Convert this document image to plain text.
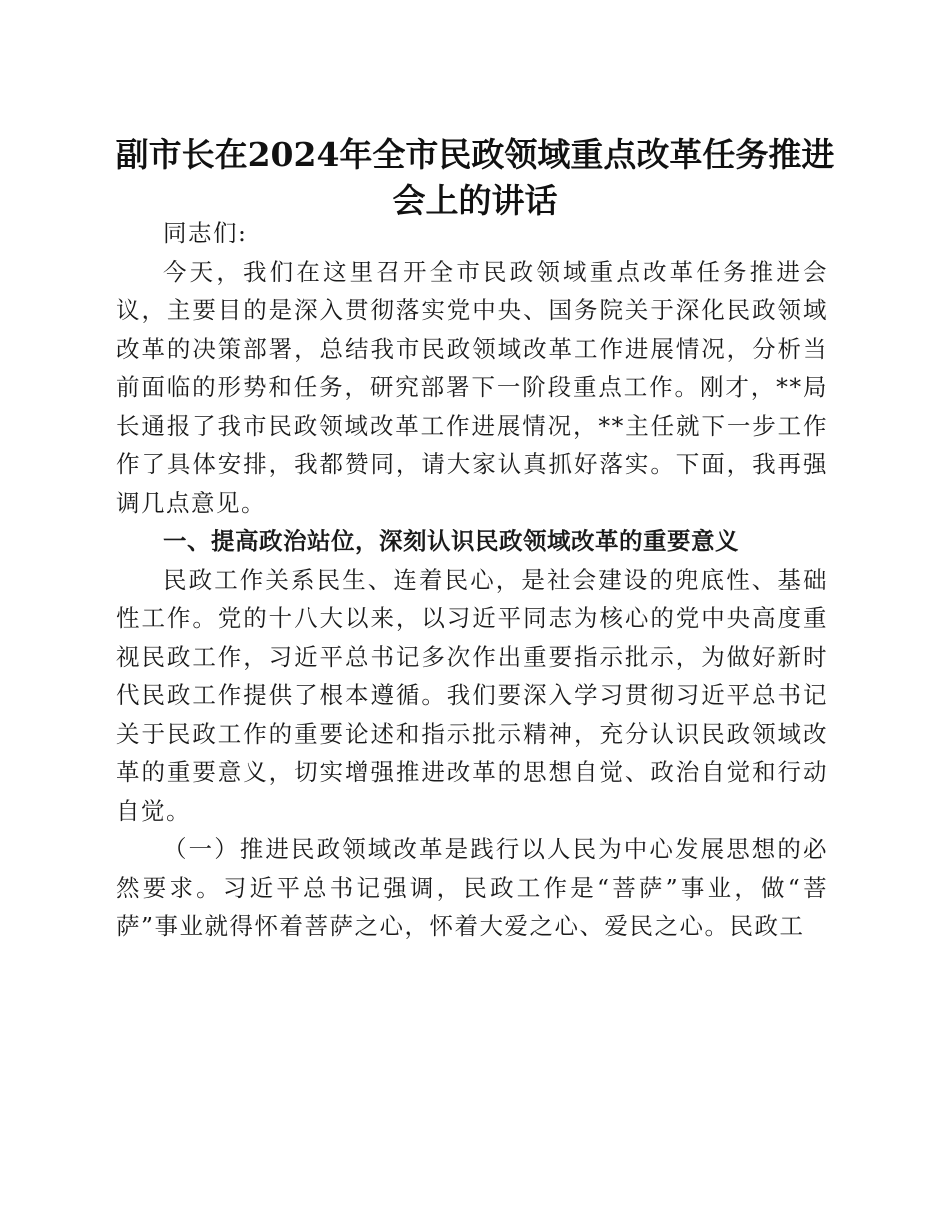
副市长在2024年全市民政领域重点改革任务推进会上的讲话

同志们:

今天，我们在这里召开全市民政领域重点改革任务推进会议，主要目的是深入贯彻落实党中央、国务院关于深化民政领域改革的决策部署，总结我市民政领域改革工作进展情况，分析当前面临的形势和任务，研究部署下一阶段重点工作。刚才，**局长通报了我市民政领域改革工作进展情况，**主任就下一步工作作了具体安排，我都赞同，请大家认真抓好落实。下面，我再强调几点意见。

一、提高政治站位，深刻认识民政领域改革的重要意义

民政工作关系民生、连着民心，是社会建设的兜底性、基础性工作。党的十八大以来，以习近平同志为核心的党中央高度重视民政工作，习近平总书记多次作出重要指示批示，为做好新时代民政工作提供了根本遵循。我们要深入学习贯彻习近平总书记关于民政工作的重要论述和指示批示精神，充分认识民政领域改革的重要意义，切实增强推进改革的思想自觉、政治自觉和行动自觉。

（一）推进民政领域改革是践行以人民为中心发展思想的必然要求。习近平总书记强调，民政工作是“菩萨”事业，做“菩萨”事业就得怀着菩萨之心，怀着大爱之心、爱民之心。民政工
